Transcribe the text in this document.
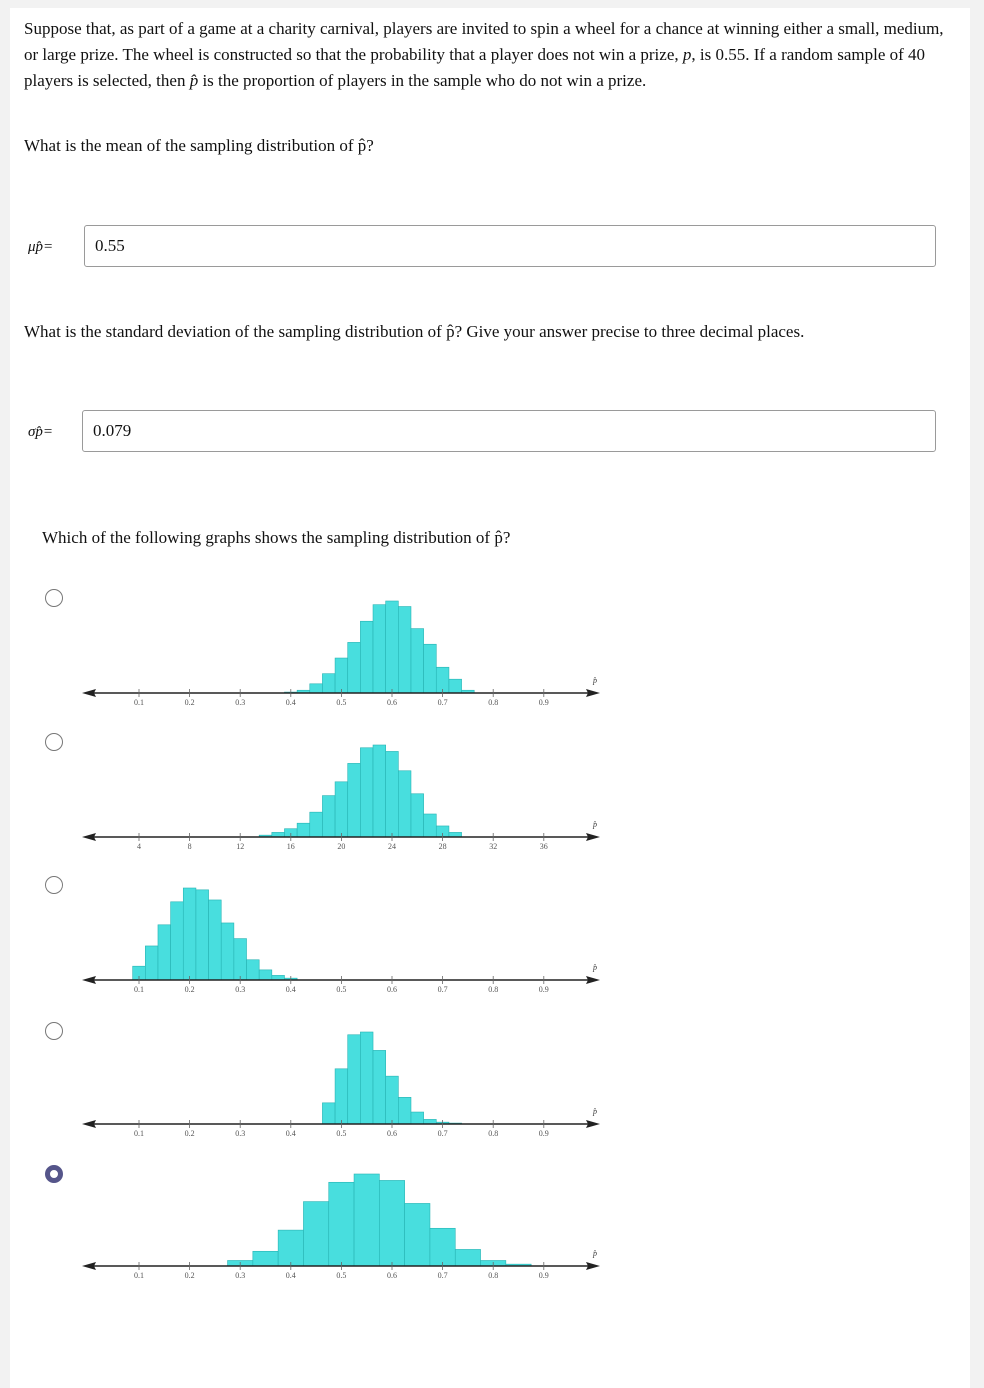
Suppose that, as part of a game at a charity carnival, players are invited to spin a wheel for a chance at winning either a small, medium, or large prize. The wheel is constructed so that the probability that a player does not win a prize, p, is 0.55. If a random sample of 40 players is selected, then p̂ is the proportion of players in the sample who do not win a prize.
What is the mean of the sampling distribution of p̂?
μp̂=
0.55
What is the standard deviation of the sampling distribution of p̂? Give your answer precise to three decimal places.
σp̂=
0.079
Which of the following graphs shows the sampling distribution of p̂?
p̂
0.1	0.2	0.3	0.4	0.5	0.6	0.7	0.8	0.9
p̂
4	8	12	16	20	24	28	32	36
p̂
0.1	0.2	0.3	0.4	0.5	0.6	0.7	0.8	0.9
p̂
0.1	0.2	0.3	0.4	0.5	0.6	0.7	0.8	0.9
p̂
0.1	0.2	0.3	0.4	0.5	0.6	0.7	0.8	0.9
